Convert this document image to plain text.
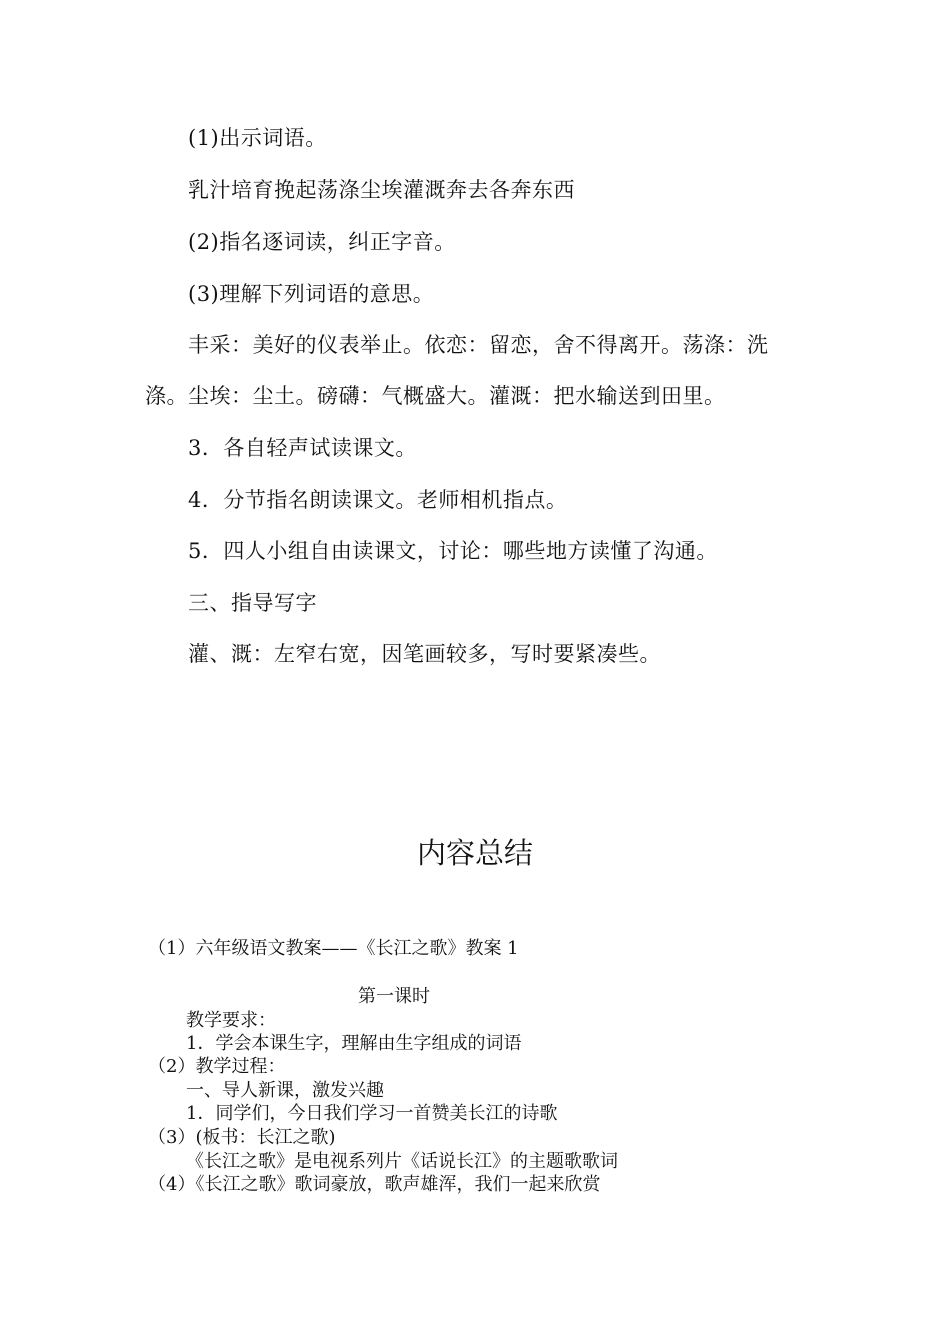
(1)出示词语。
乳汁培育挽起荡涤尘埃灌溉奔去各奔东西
(2)指名逐词读，纠正字音。
(3)理解下列词语的意思。
丰采：美好的仪表举止。依恋：留恋，舍不得离开。荡涤：洗
涤。尘埃：尘土。磅礴：气概盛大。灌溉：把水输送到田里。
3．各自轻声试读课文。
4．分节指名朗读课文。老师相机指点。
5．四人小组自由读课文，讨论：哪些地方读懂了沟通。
三、指导写字
灌、溉：左窄右宽，因笔画较多，写时要紧凑些。
内容总结
（1）六年级语文教案——《长江之歌》教案 1
第一课时
教学要求：
1．学会本课生字，理解由生字组成的词语
（2）教学过程：
一、导人新课，激发兴趣
1．同学们，今日我们学习一首赞美长江的诗歌
（3）(板书：长江之歌)
《长江之歌》是电视系列片《话说长江》的主题歌歌词
（4）《长江之歌》歌词豪放，歌声雄浑，我们一起来欣赏
